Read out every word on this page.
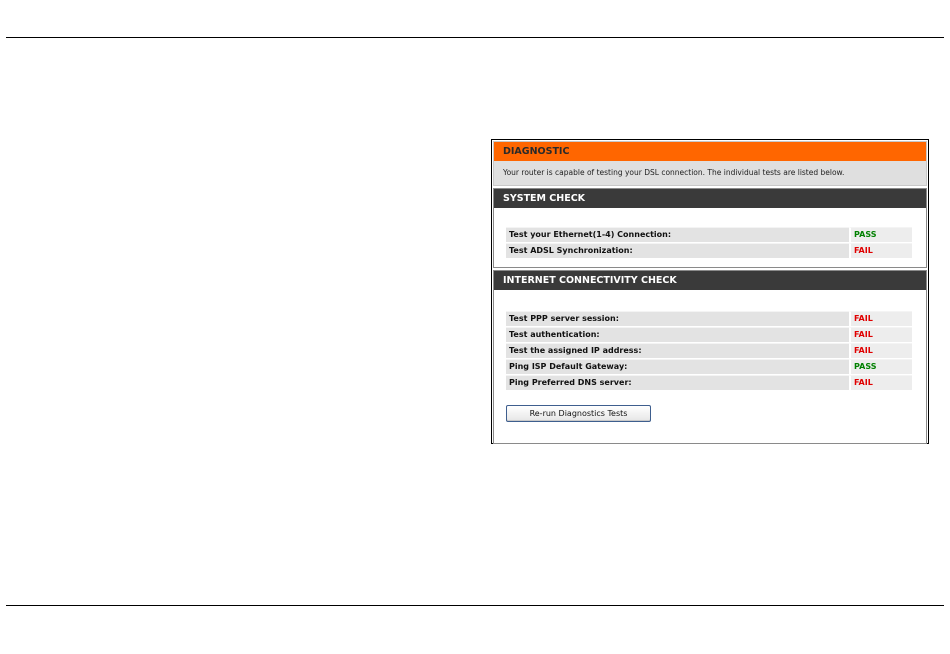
DIAGNOSTIC
Your router is capable of testing your DSL connection. The individual tests are listed below.
SYSTEM CHECK
Test your Ethernet(1-4) Connection:	PASS
Test ADSL Synchronization:	FAIL
INTERNET CONNECTIVITY CHECK
Test PPP server session:	FAIL
Test authentication:	FAIL
Test the assigned IP address:	FAIL
Ping ISP Default Gateway:	PASS
Ping Preferred DNS server:	FAIL
Re-run Diagnostics Tests
